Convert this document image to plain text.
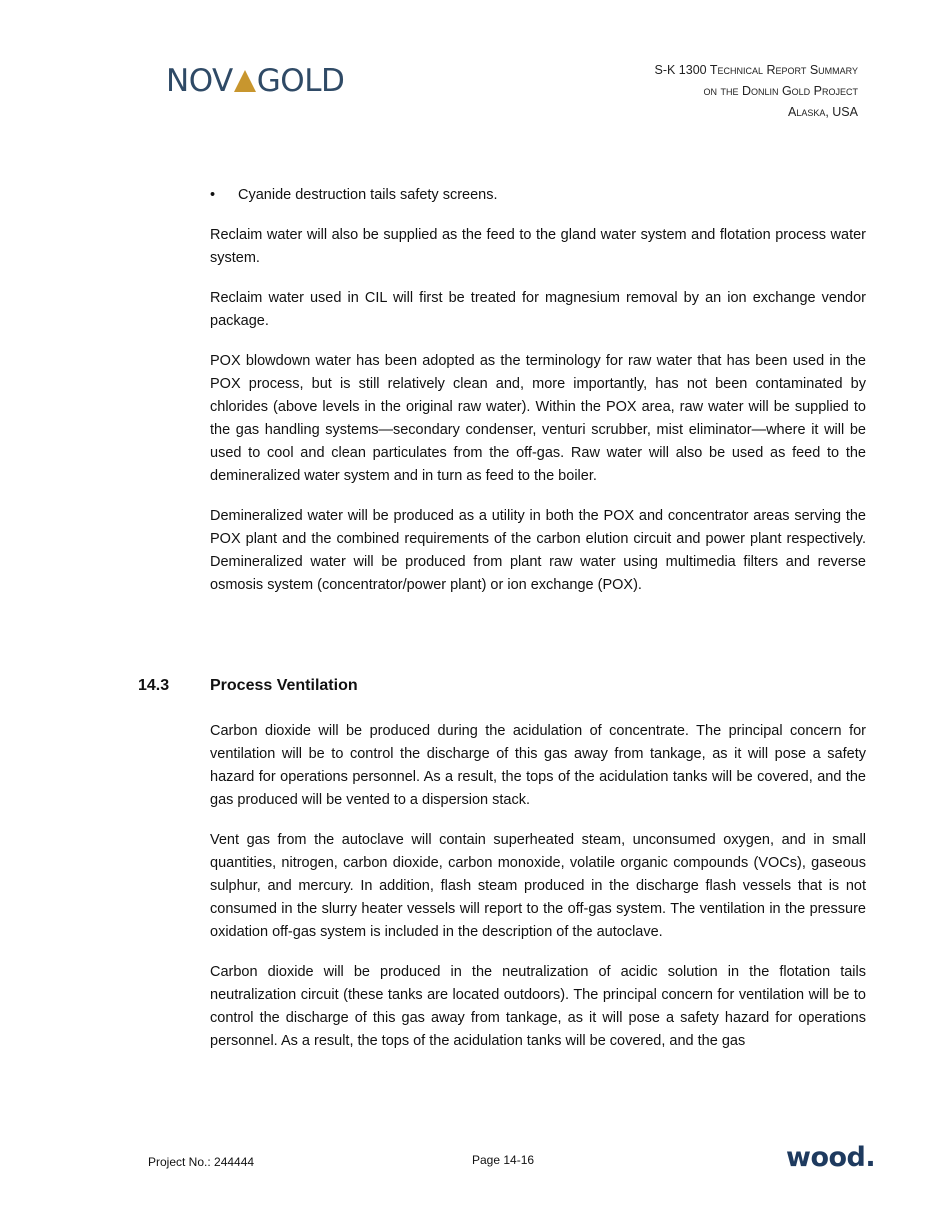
NOV GOLD	S-K 1300 Technical Report Summary
on the Donlin Gold Project
Alaska, USA
•	Cyanide destruction tails safety screens.

Reclaim water will also be supplied as the feed to the gland water system and flotation process water system.

Reclaim water used in CIL will first be treated for magnesium removal by an ion exchange vendor package.

POX blowdown water has been adopted as the terminology for raw water that has been used in the POX process, but is still relatively clean and, more importantly, has not been contaminated by chlorides (above levels in the original raw water). Within the POX area, raw water will be supplied to the gas handling systems—secondary condenser, venturi scrubber, mist eliminator—where it will be used to cool and clean particulates from the off-gas. Raw water will also be used as feed to the demineralized water system and in turn as feed to the boiler.

Demineralized water will be produced as a utility in both the POX and concentrator areas serving the POX plant and the combined requirements of the carbon elution circuit and power plant respectively. Demineralized water will be produced from plant raw water using multimedia filters and reverse osmosis system (concentrator/power plant) or ion exchange (POX).

14.3	Process Ventilation

Carbon dioxide will be produced during the acidulation of concentrate. The principal concern for ventilation will be to control the discharge of this gas away from tankage, as it will pose a safety hazard for operations personnel. As a result, the tops of the acidulation tanks will be covered, and the gas produced will be vented to a dispersion stack.

Vent gas from the autoclave will contain superheated steam, unconsumed oxygen, and in small quantities, nitrogen, carbon dioxide, carbon monoxide, volatile organic compounds (VOCs), gaseous sulphur, and mercury. In addition, flash steam produced in the discharge flash vessels that is not consumed in the slurry heater vessels will report to the off-gas system. The ventilation in the pressure oxidation off-gas system is included in the description of the autoclave.

Carbon dioxide will be produced in the neutralization of acidic solution in the flotation tails neutralization circuit (these tanks are located outdoors). The principal concern for ventilation will be to control the discharge of this gas away from tankage, as it will pose a safety hazard for operations personnel. As a result, the tops of the acidulation tanks will be covered, and the gas

Project No.: 244444	Page 14-16	wood.
